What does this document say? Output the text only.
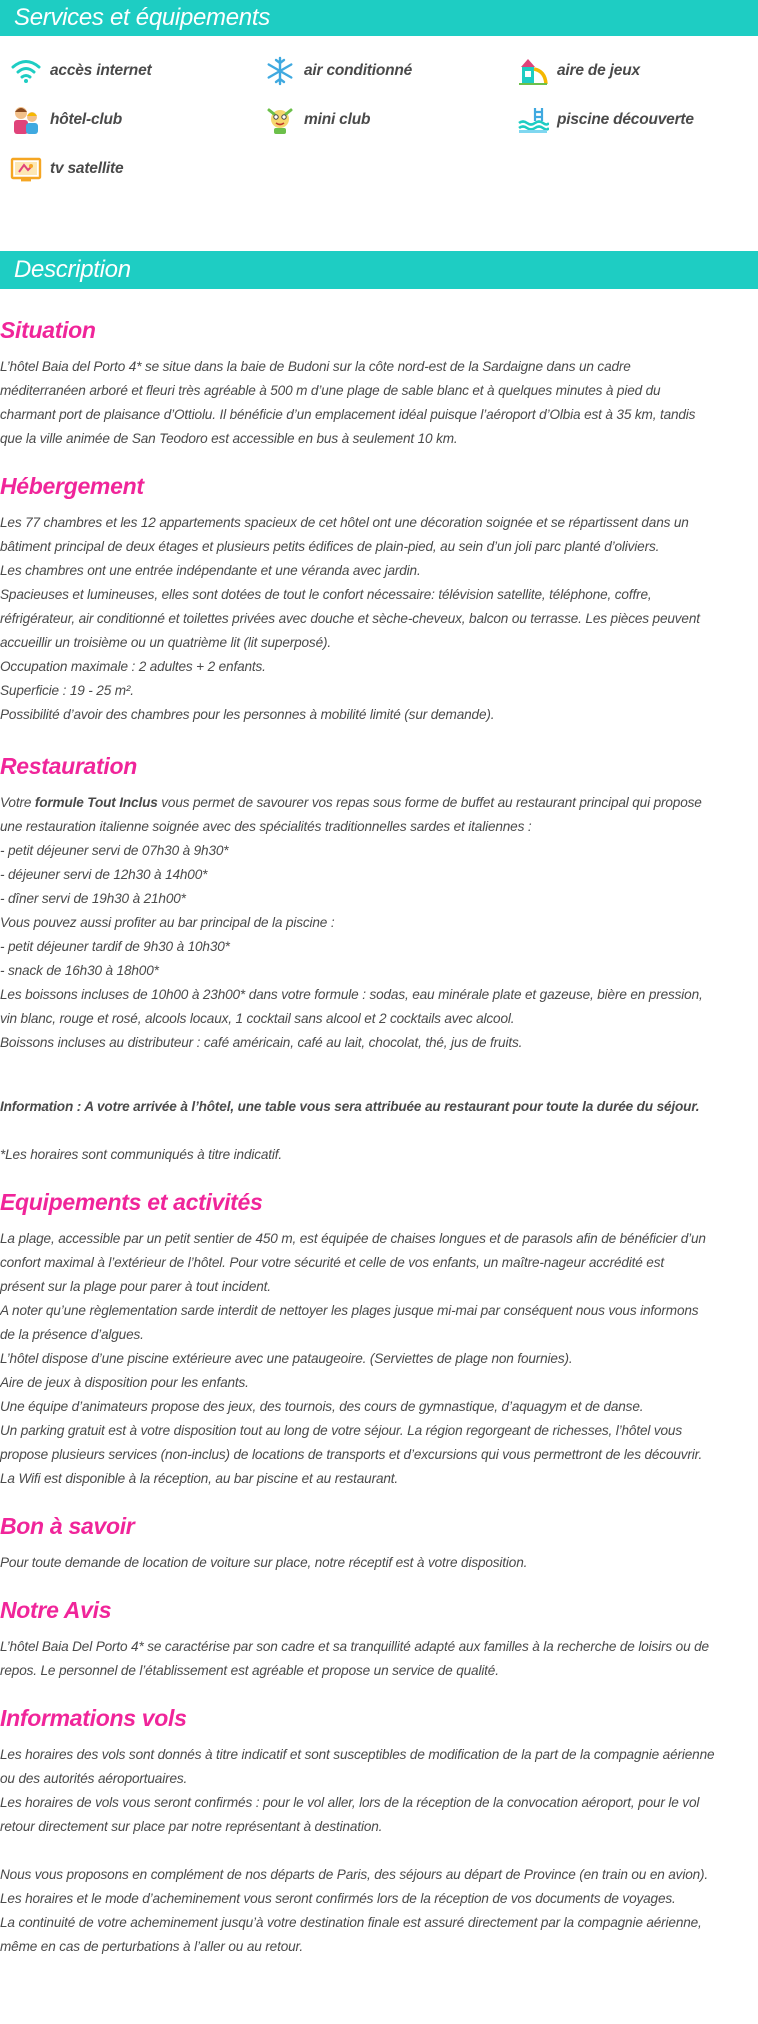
Services et équipements
accès internet	air conditionné	aire de jeux
hôtel-club	mini club	piscine découverte
tv satellite
Description
Situation
L’hôtel Baia del Porto 4* se situe dans la baie de Budoni sur la côte nord-est de la Sardaigne dans un cadre
méditerranéen arboré et fleuri très agréable à 500 m d’une plage de sable blanc et à quelques minutes à pied du
charmant port de plaisance d’Ottiolu. Il bénéficie d’un emplacement idéal puisque l’aéroport d’Olbia est à 35 km, tandis
que la ville animée de San Teodoro est accessible en bus à seulement 10 km.
Hébergement
Les 77 chambres et les 12 appartements spacieux de cet hôtel ont une décoration soignée et se répartissent dans un
bâtiment principal de deux étages et plusieurs petits édifices de plain-pied, au sein d’un joli parc planté d’oliviers.
Les chambres ont une entrée indépendante et une véranda avec jardin.
Spacieuses et lumineuses, elles sont dotées de tout le confort nécessaire: télévision satellite, téléphone, coffre,
réfrigérateur, air conditionné et toilettes privées avec douche et sèche-cheveux, balcon ou terrasse. Les pièces peuvent
accueillir un troisième ou un quatrième lit (lit superposé).
Occupation maximale : 2 adultes + 2 enfants.
Superficie : 19 - 25 m².
Possibilité d’avoir des chambres pour les personnes à mobilité limité (sur demande).
Restauration
Votre formule Tout Inclus vous permet de savourer vos repas sous forme de buffet au restaurant principal qui propose
une restauration italienne soignée avec des spécialités traditionnelles sardes et italiennes :
- petit déjeuner servi de 07h30 à 9h30*
- déjeuner servi de 12h30 à 14h00*
- dîner servi de 19h30 à 21h00*
Vous pouvez aussi profiter au bar principal de la piscine :
- petit déjeuner tardif de 9h30 à 10h30*
- snack de 16h30 à 18h00*
Les boissons incluses de 10h00 à 23h00* dans votre formule : sodas, eau minérale plate et gazeuse, bière en pression,
vin blanc, rouge et rosé, alcools locaux, 1 cocktail sans alcool et 2 cocktails avec alcool.
Boissons incluses au distributeur : café américain, café au lait, chocolat, thé, jus de fruits.
Information : A votre arrivée à l’hôtel, une table vous sera attribuée au restaurant pour toute la durée du séjour.
*Les horaires sont communiqués à titre indicatif.
Equipements et activités
La plage, accessible par un petit sentier de 450 m, est équipée de chaises longues et de parasols afin de bénéficier d’un
confort maximal à l’extérieur de l’hôtel. Pour votre sécurité et celle de vos enfants, un maître-nageur accrédité est
présent sur la plage pour parer à tout incident.
A noter qu’une règlementation sarde interdit de nettoyer les plages jusque mi-mai par conséquent nous vous informons
de la présence d’algues.
L’hôtel dispose d’une piscine extérieure avec une pataugeoire. (Serviettes de plage non fournies).
Aire de jeux à disposition pour les enfants.
Une équipe d’animateurs propose des jeux, des tournois, des cours de gymnastique, d’aquagym et de danse.
Un parking gratuit est à votre disposition tout au long de votre séjour. La région regorgeant de richesses, l’hôtel vous
propose plusieurs services (non-inclus) de locations de transports et d’excursions qui vous permettront de les découvrir.
La Wifi est disponible à la réception, au bar piscine et au restaurant.
Bon à savoir
Pour toute demande de location de voiture sur place, notre réceptif est à votre disposition.
Notre Avis
L’hôtel Baia Del Porto 4* se caractérise par son cadre et sa tranquillité adapté aux familles à la recherche de loisirs ou de
repos. Le personnel de l’établissement est agréable et propose un service de qualité.
Informations vols
Les horaires des vols sont donnés à titre indicatif et sont susceptibles de modification de la part de la compagnie aérienne
ou des autorités aéroportuaires.
Les horaires de vols vous seront confirmés : pour le vol aller, lors de la réception de la convocation aéroport, pour le vol
retour directement sur place par notre représentant à destination.
Nous vous proposons en complément de nos départs de Paris, des séjours au départ de Province (en train ou en avion).
Les horaires et le mode d’acheminement vous seront confirmés lors de la réception de vos documents de voyages.
La continuité de votre acheminement jusqu’à votre destination finale est assuré directement par la compagnie aérienne,
même en cas de perturbations à l’aller ou au retour.
